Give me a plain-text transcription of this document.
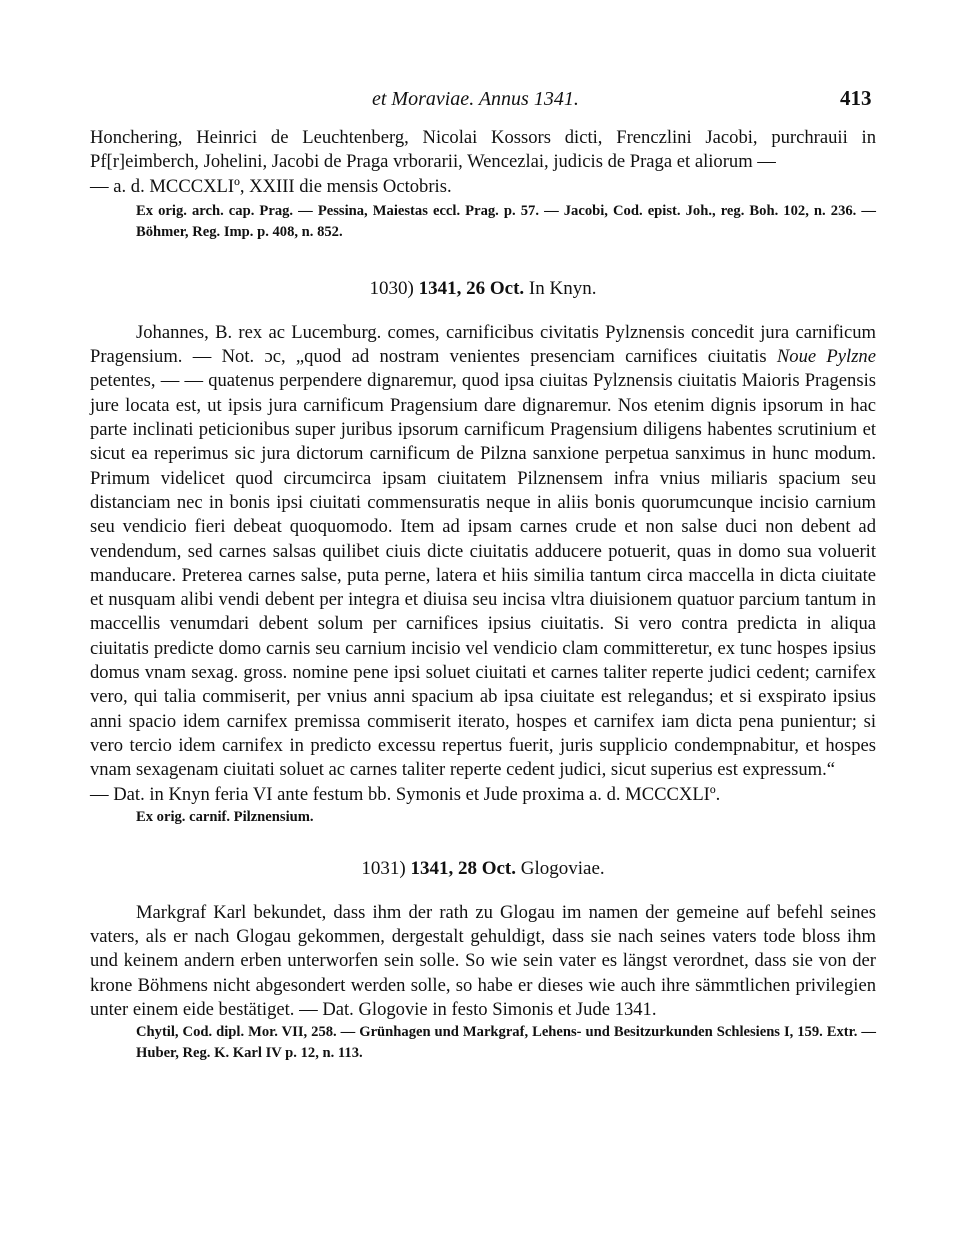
et Moraviae. Annus 1341.	413

Honchering, Heinrici de Leuchtenberg, Nicolai Kossors dicti, Frenczlini Jacobi, purchrauii in Pf[r]eimberch, Johelini, Jacobi de Praga vrborarii, Wencezlai, judicis de Praga et aliorum —

— a. d. MCCCXLIº, XXIII die mensis Octobris.

Ex orig. arch. cap. Prag. — Pessina, Maiestas eccl. Prag. p. 57. — Jacobi, Cod. epist. Joh., reg. Boh. 102, n. 236. — Böhmer, Reg. Imp. p. 408, n. 852.

1030) 1341, 26 Oct. In Knyn.

Johannes, B. rex ac Lucemburg. comes, carnificibus civitatis Pylznensis concedit jura carnificum Pragensium. — Not. ɔc, „quod ad nostram venientes presenciam carnifices ciuitatis Noue Pylzne petentes, — — quatenus perpendere dignaremur, quod ipsa ciuitas Pylznensis ciuitatis Maioris Pragensis jure locata est, ut ipsis jura carnificum Pragensium dare dignaremur. Nos etenim dignis ipsorum in hac parte inclinati peticionibus super juribus ipsorum carnificum Pragensium diligens habentes scrutinium et sicut ea reperimus sic jura dictorum carnificum de Pilzna sanxione perpetua sanximus in hunc modum. Primum videlicet quod circumcirca ipsam ciuitatem Pilznensem infra vnius miliaris spacium seu distanciam nec in bonis ipsi ciuitati commensuratis neque in aliis bonis quorumcunque incisio carnium seu vendicio fieri debeat quoquomodo. Item ad ipsam carnes crude et non salse duci non debent ad vendendum, sed carnes salsas quilibet ciuis dicte ciuitatis adducere potuerit, quas in domo sua voluerit manducare. Preterea carnes salse, puta perne, latera et hiis similia tantum circa maccella in dicta ciuitate et nusquam alibi vendi debent per integra et diuisa seu incisa vltra diuisionem quatuor parcium tantum in maccellis venumdari debent solum per carnifices ipsius ciuitatis. Si vero contra predicta in aliqua ciuitatis predicte domo carnis seu carnium incisio vel vendicio clam committeretur, ex tunc hospes ipsius domus vnam sexag. gross. nomine pene ipsi soluet ciuitati et carnes taliter reperte judici cedent; carnifex vero, qui talia commiserit, per vnius anni spacium ab ipsa ciuitate est relegandus; et si exspirato ipsius anni spacio idem carnifex premissa commiserit iterato, hospes et carnifex iam dicta pena punientur; si vero tercio idem carnifex in predicto excessu repertus fuerit, juris supplicio condempnabitur, et hospes vnam sexagenam ciuitati soluet ac carnes taliter reperte cedent judici, sicut superius est expressum.“

— Dat. in Knyn feria VI ante festum bb. Symonis et Jude proxima a. d. MCCCXLIº.

Ex orig. carnif. Pilznensium.

1031) 1341, 28 Oct. Glogoviae.

Markgraf Karl bekundet, dass ihm der rath zu Glogau im namen der gemeine auf befehl seines vaters, als er nach Glogau gekommen, dergestalt gehuldigt, dass sie nach seines vaters tode bloss ihm und keinem andern erben unterworfen sein solle. So wie sein vater es längst verordnet, dass sie von der krone Böhmens nicht abgesondert werden solle, so habe er dieses wie auch ihre sämmtlichen privilegien unter einem eide bestätiget. — Dat. Glogovie in festo Simonis et Jude 1341.

Chytil, Cod. dipl. Mor. VII, 258. — Grünhagen und Markgraf, Lehens- und Besitzurkunden Schlesiens I, 159. Extr. — Huber, Reg. K. Karl IV p. 12, n. 113.
